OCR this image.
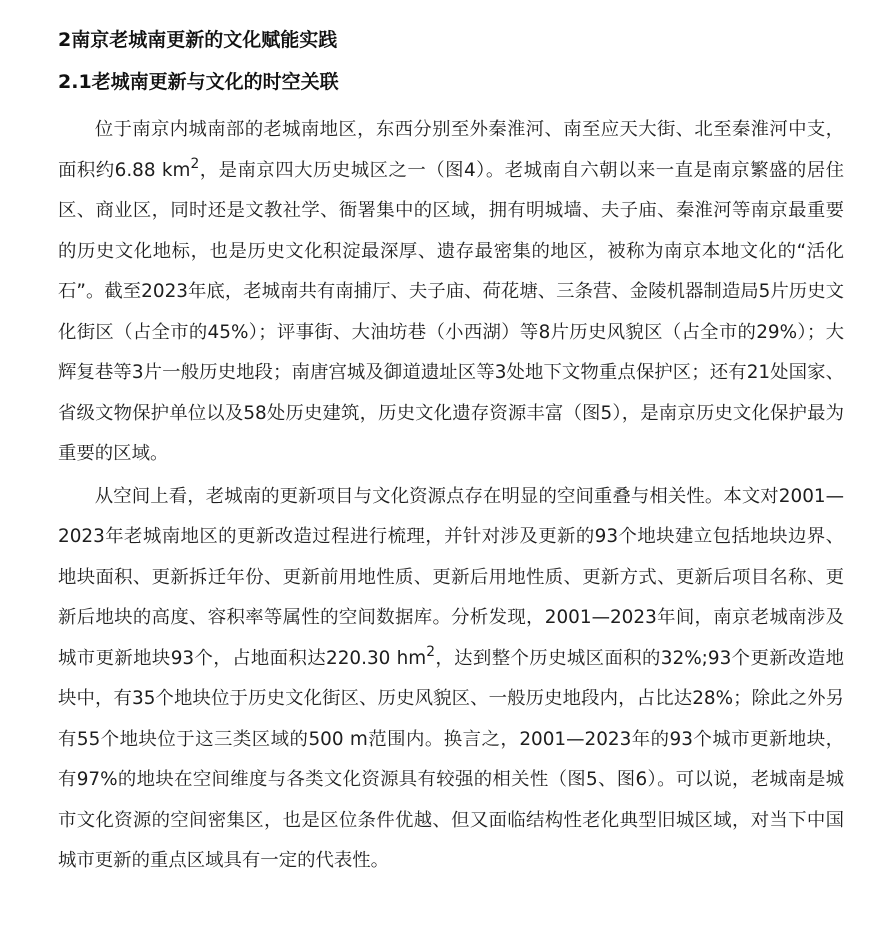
2南京老城南更新的文化赋能实践
2.1老城南更新与文化的时空关联

位于南京内城南部的老城南地区，东西分别至外秦淮河、南至应天大街、北至秦淮河中支，面积约6.88 $km^2$，是南京四大历史城区之一（图4）。老城南自六朝以来一直是南京繁盛的居住区、商业区，同时还是文教社学、衙署集中的区域，拥有明城墙、夫子庙、秦淮河等南京最重要的历史文化地标，也是历史文化积淀最深厚、遗存最密集的地区，被称为南京本地文化的“活化石”。截至2023年底，老城南共有南捕厅、夫子庙、荷花塘、三条营、金陵机器制造局5片历史文化街区（占全市的45%）；评事街、大油坊巷（小西湖）等8片历史风貌区（占全市的29%）；大辉复巷等3片一般历史地段；南唐宫城及御道遗址区等3处地下文物重点保护区；还有21处国家、省级文物保护单位以及58处历史建筑，历史文化遗存资源丰富（图5），是南京历史文化保护最为重要的区域。

从空间上看，老城南的更新项目与文化资源点存在明显的空间重叠与相关性。本文对2001—2023年老城南地区的更新改造过程进行梳理，并针对涉及更新的93个地块建立包括地块边界、地块面积、更新拆迁年份、更新前用地性质、更新后用地性质、更新方式、更新后项目名称、更新后地块的高度、容积率等属性的空间数据库。分析发现，2001—2023年间，南京老城南涉及城市更新地块93个，占地面积达220.30 $hm^2$，达到整个历史城区面积的32%;93个更新改造地块中，有35个地块位于历史文化街区、历史风貌区、一般历史地段内，占比达28%；除此之外另有55个地块位于这三类区域的500 m范围内。换言之，2001—2023年的93个城市更新地块，有97%的地块在空间维度与各类文化资源具有较强的相关性（图5、图6）。可以说，老城南是城市文化资源的空间密集区，也是区位条件优越、但又面临结构性老化典型旧城区域，对当下中国城市更新的重点区域具有一定的代表性。
